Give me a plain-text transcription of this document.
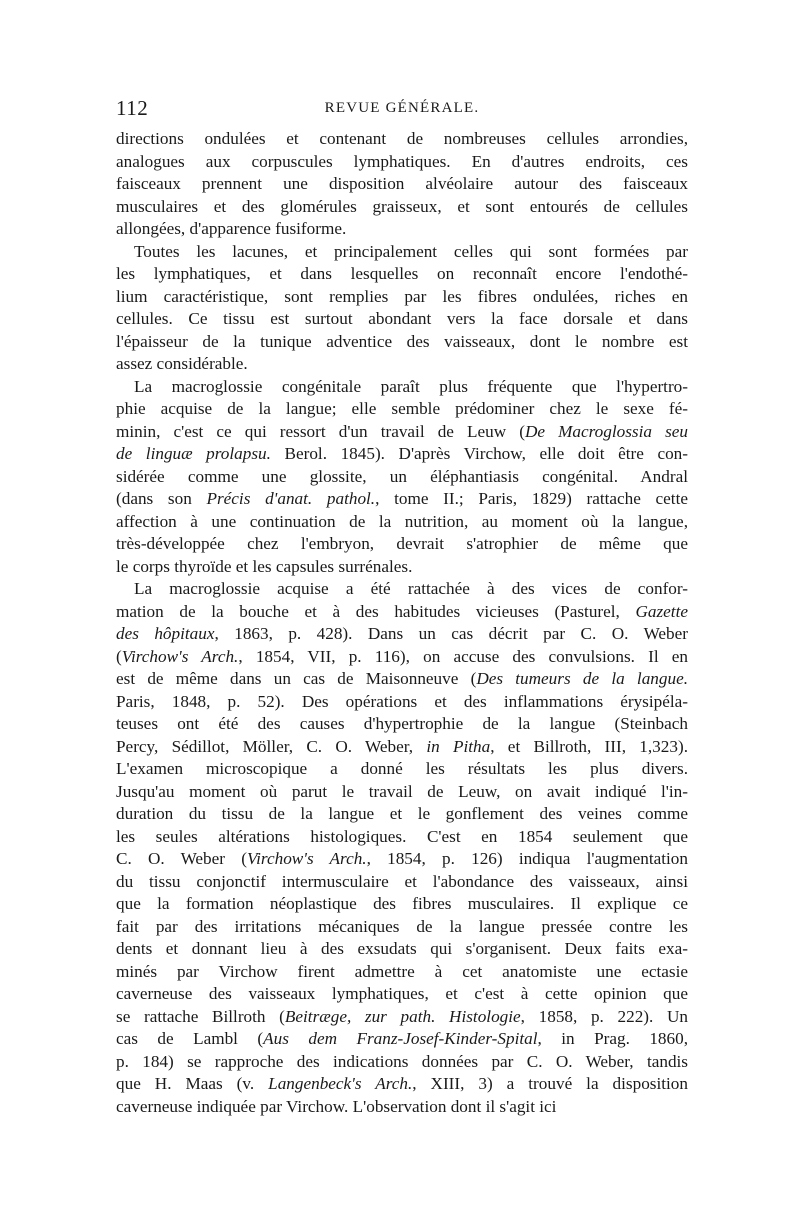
112	REVUE GÉNÉRALE.
directions ondulées et contenant de nombreuses cellules arrondies,
analogues aux corpuscules lymphatiques. En d'autres endroits, ces
faisceaux prennent une disposition alvéolaire autour des faisceaux
musculaires et des glomérules graisseux, et sont entourés de cellules
allongées, d'apparence fusiforme.
Toutes les lacunes, et principalement celles qui sont formées par
les lymphatiques, et dans lesquelles on reconnaît encore l'endothé-
lium caractéristique, sont remplies par les fibres ondulées, riches en
cellules. Ce tissu est surtout abondant vers la face dorsale et dans
l'épaisseur de la tunique adventice des vaisseaux, dont le nombre est
assez considérable.
La macroglossie congénitale paraît plus fréquente que l'hypertro-
phie acquise de la langue; elle semble prédominer chez le sexe fé-
minin, c'est ce qui ressort d'un travail de Leuw (De Macroglossia seu
de linguæ prolapsu. Berol. 1845). D'après Virchow, elle doit être con-
sidérée comme une glossite, un éléphantiasis congénital. Andral
(dans son Précis d'anat. pathol., tome II.; Paris, 1829) rattache cette
affection à une continuation de la nutrition, au moment où la langue,
très-développée chez l'embryon, devrait s'atrophier de même que
le corps thyroïde et les capsules surrénales.
La macroglossie acquise a été rattachée à des vices de confor-
mation de la bouche et à des habitudes vicieuses (Pasturel, Gazette
des hôpitaux, 1863, p. 428). Dans un cas décrit par C. O. Weber
(Virchow's Arch., 1854, VII, p. 116), on accuse des convulsions. Il en
est de même dans un cas de Maisonneuve (Des tumeurs de la langue.
Paris, 1848, p. 52). Des opérations et des inflammations érysipéla-
teuses ont été des causes d'hypertrophie de la langue (Steinbach
Percy, Sédillot, Möller, C. O. Weber, in Pitha, et Billroth, III, 1,323).
L'examen microscopique a donné les résultats les plus divers.
Jusqu'au moment où parut le travail de Leuw, on avait indiqué l'in-
duration du tissu de la langue et le gonflement des veines comme
les seules altérations histologiques. C'est en 1854 seulement que
C. O. Weber (Virchow's Arch., 1854, p. 126) indiqua l'augmentation
du tissu conjonctif intermusculaire et l'abondance des vaisseaux, ainsi
que la formation néoplastique des fibres musculaires. Il explique ce
fait par des irritations mécaniques de la langue pressée contre les
dents et donnant lieu à des exsudats qui s'organisent. Deux faits exa-
minés par Virchow firent admettre à cet anatomiste une ectasie
caverneuse des vaisseaux lymphatiques, et c'est à cette opinion que
se rattache Billroth (Beitræge, zur path. Histologie, 1858, p. 222). Un
cas de Lambl (Aus dem Franz-Josef-Kinder-Spital, in Prag. 1860,
p. 184) se rapproche des indications données par C. O. Weber, tandis
que H. Maas (v. Langenbeck's Arch., XIII, 3) a trouvé la disposition
caverneuse indiquée par Virchow. L'observation dont il s'agit ici
